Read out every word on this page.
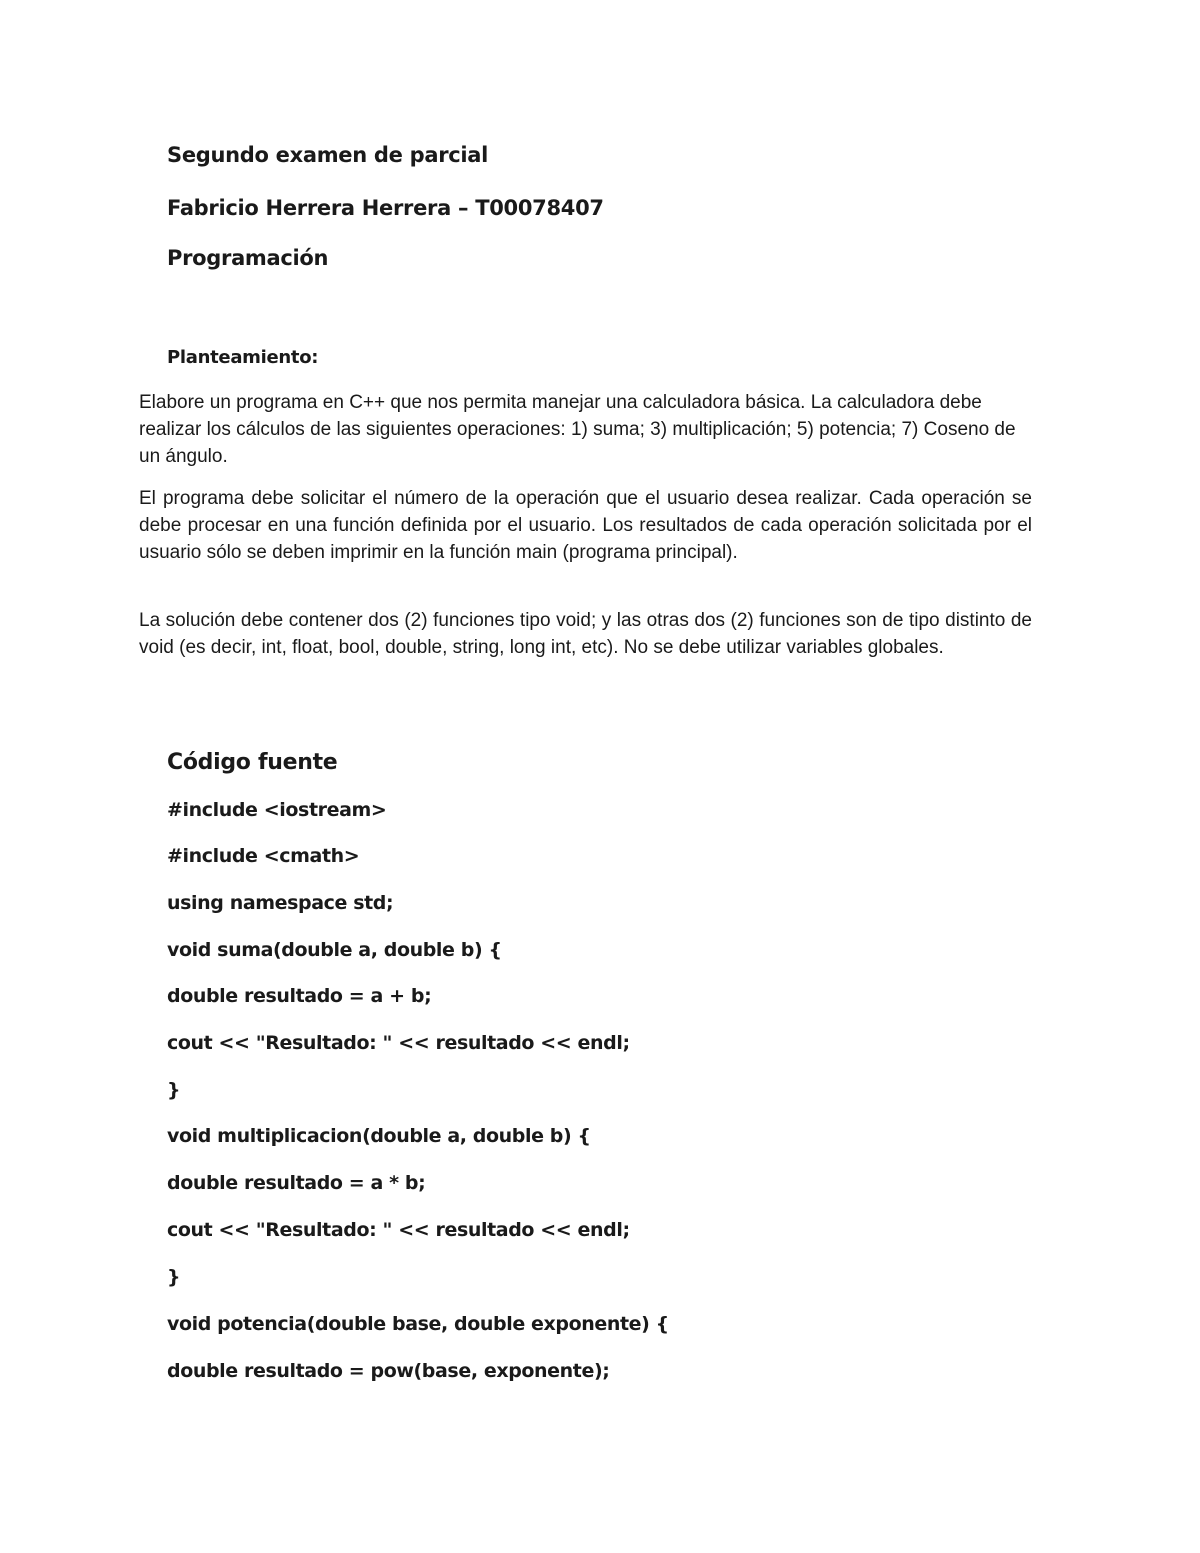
Segundo examen de parcial
Fabricio Herrera Herrera – T00078407
Programación
Planteamiento:

Elabore un programa en C++ que nos permita manejar una calculadora básica. La calculadora debe realizar los cálculos de las siguientes operaciones: 1) suma; 3) multiplicación; 5) potencia; 7) Coseno de un ángulo.

El programa debe solicitar el número de la operación que el usuario desea realizar. Cada operación se debe procesar en una función definida por el usuario. Los resultados de cada operación solicitada por el usuario sólo se deben imprimir en la función main (programa principal).

La solución debe contener dos (2) funciones tipo void; y las otras dos (2) funciones son de tipo distinto de void (es decir, int, float, bool, double, string, long int, etc). No se debe utilizar variables globales.

Código fuente
#include <iostream>
#include <cmath>
using namespace std;
void suma(double a, double b) {
double resultado = a + b;
cout << "Resultado: " << resultado << endl;
}
void multiplicacion(double a, double b) {
double resultado = a * b;
cout << "Resultado: " << resultado << endl;
}
void potencia(double base, double exponente) {
double resultado = pow(base, exponente);
